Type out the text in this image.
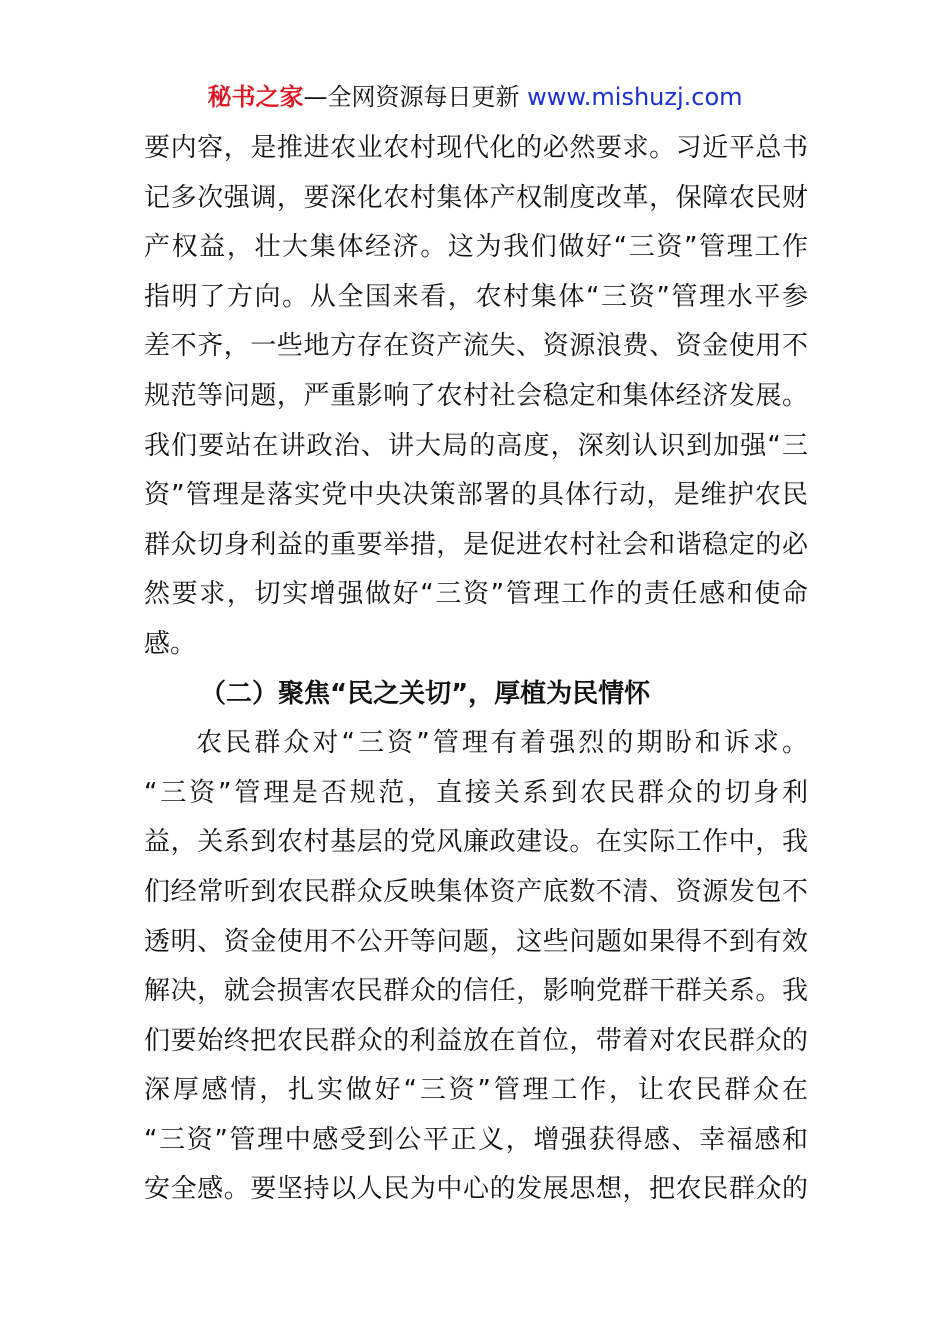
秘书之家—全网资源每日更新 www.mishuzj.com
要内容，是推进农业农村现代化的必然要求。习近平总书
记多次强调，要深化农村集体产权制度改革，保障农民财
产权益，壮大集体经济。这为我们做好“三资”管理工作
指明了方向。从全国来看，农村集体“三资”管理水平参
差不齐，一些地方存在资产流失、资源浪费、资金使用不
规范等问题，严重影响了农村社会稳定和集体经济发展。
我们要站在讲政治、讲大局的高度，深刻认识到加强“三
资”管理是落实党中央决策部署的具体行动，是维护农民
群众切身利益的重要举措，是促进农村社会和谐稳定的必
然要求，切实增强做好“三资”管理工作的责任感和使命
感。
（二）聚焦“民之关切”，厚植为民情怀
农民群众对“三资”管理有着强烈的期盼和诉求。
“三资”管理是否规范，直接关系到农民群众的切身利
益，关系到农村基层的党风廉政建设。在实际工作中，我
们经常听到农民群众反映集体资产底数不清、资源发包不
透明、资金使用不公开等问题，这些问题如果得不到有效
解决，就会损害农民群众的信任，影响党群干群关系。我
们要始终把农民群众的利益放在首位，带着对农民群众的
深厚感情，扎实做好“三资”管理工作，让农民群众在
“三资”管理中感受到公平正义，增强获得感、幸福感和
安全感。要坚持以人民为中心的发展思想，把农民群众的
